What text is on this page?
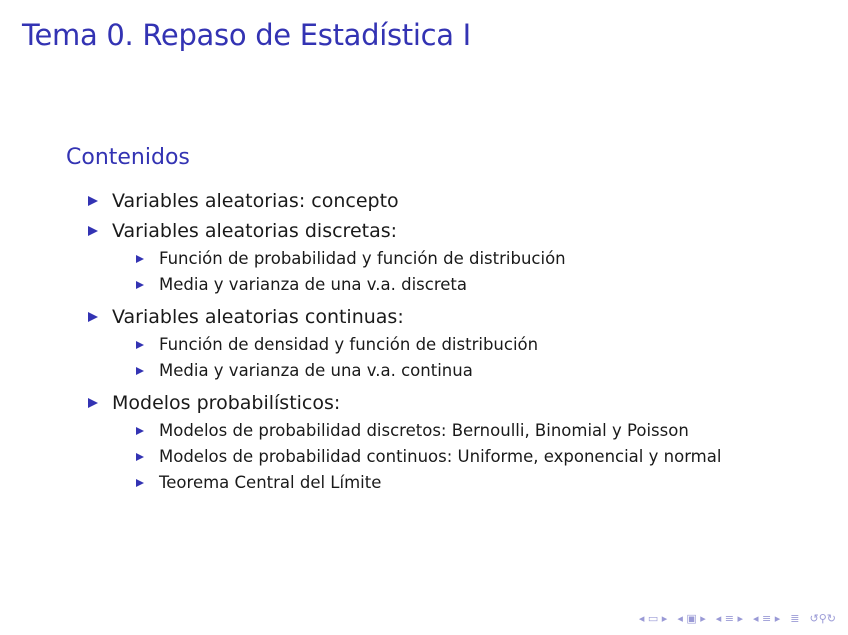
Tema 0. Repaso de Estadística I
Contenidos
Variables aleatorias: concepto
Variables aleatorias discretas:
Función de probabilidad y función de distribución
Media y varianza de una v.a. discreta
Variables aleatorias continuas:
Función de densidad y función de distribución
Media y varianza de una v.a. continua
Modelos probabilísticos:
Modelos de probabilidad discretos: Bernoulli, Binomial y Poisson
Modelos de probabilidad continuos: Uniforme, exponencial y normal
Teorema Central del Límite
◂ ▭ ▸ ◂ ▣ ▸ ◂ ≡ ▸ ◂ ≡ ▸ ≣ ↺⚲↻
